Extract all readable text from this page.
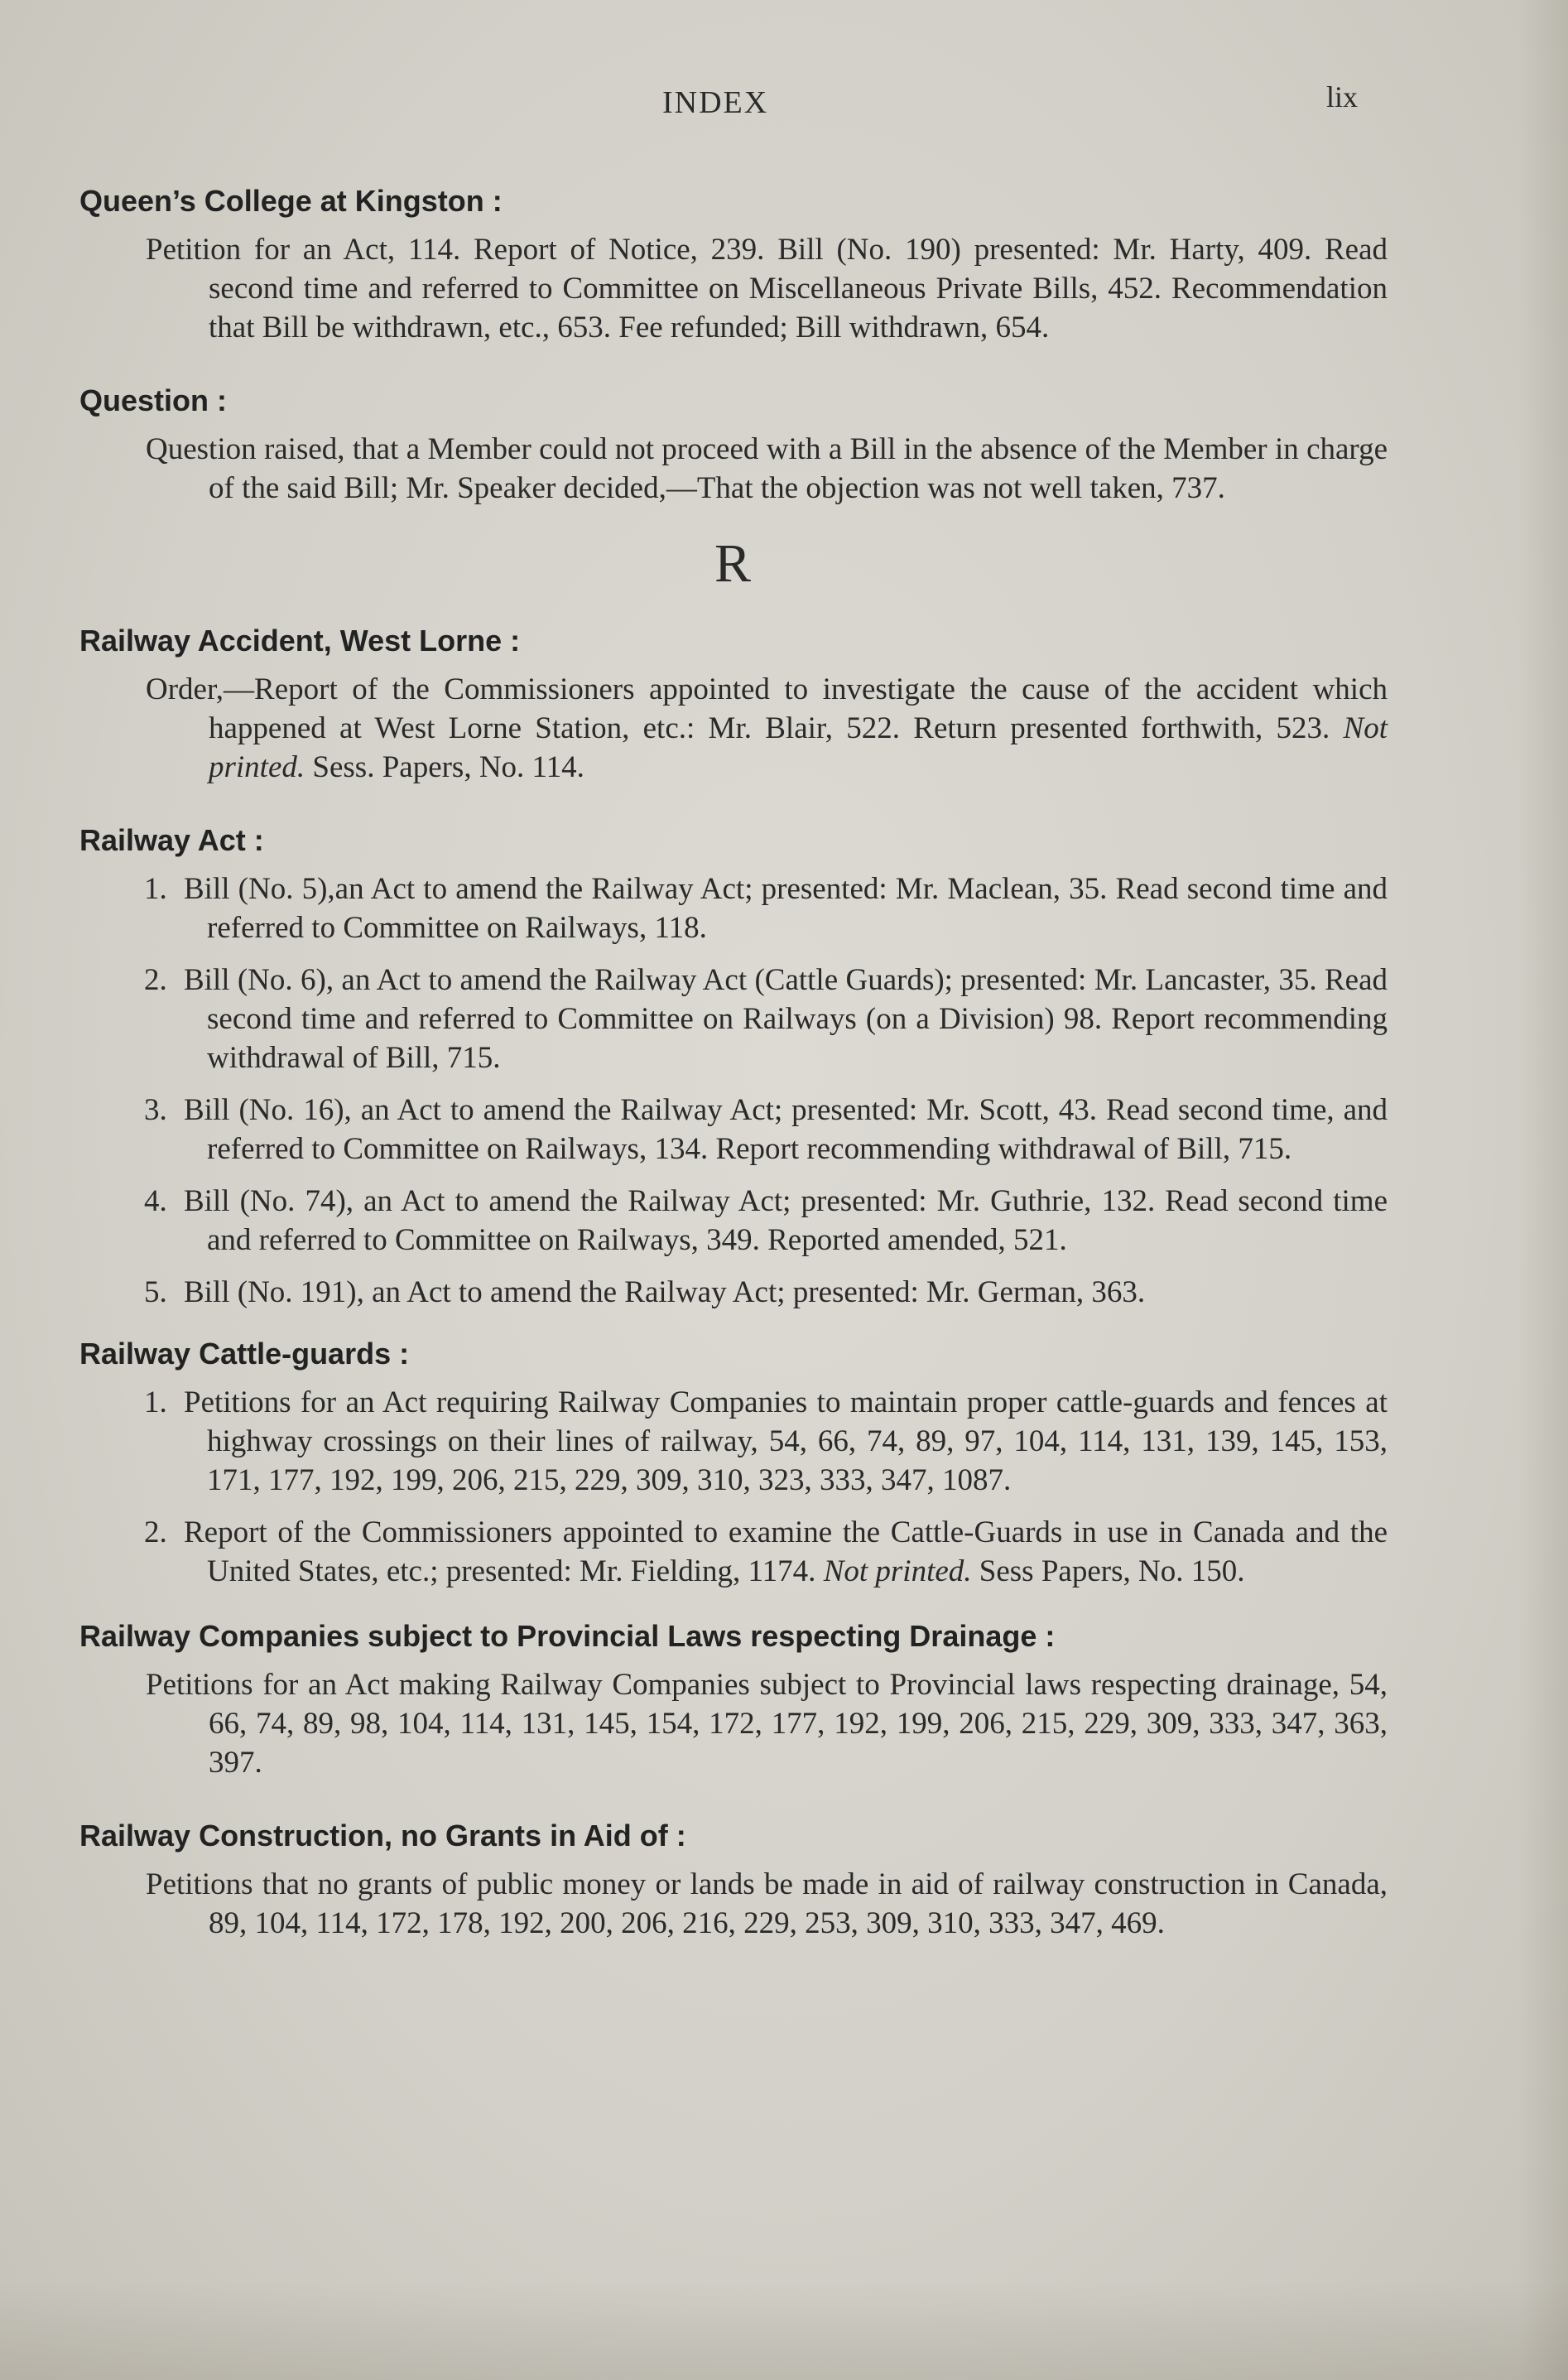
INDEX	lix
Queen’s College at Kingston :

Petition for an Act, 114. Report of Notice, 239. Bill (No. 190) presented: Mr. Harty, 409. Read second time and referred to Committee on Miscellaneous Private Bills, 452. Recommendation that Bill be withdrawn, etc., 653. Fee refunded; Bill withdrawn, 654.

Question :

Question raised, that a Member could not proceed with a Bill in the absence of the Member in charge of the said Bill; Mr. Speaker decided,—That the objection was not well taken, 737.

R
Railway Accident, West Lorne :

Order,—Report of the Commissioners appointed to investigate the cause of the accident which happened at West Lorne Station, etc.: Mr. Blair, 522. Return presented forthwith, 523. Not printed. Sess. Papers, No. 114.

Railway Act :

1. Bill (No. 5),an Act to amend the Railway Act; presented: Mr. Maclean, 35. Read second time and referred to Committee on Railways, 118.

2. Bill (No. 6), an Act to amend the Railway Act (Cattle Guards); presented: Mr. Lancaster, 35. Read second time and referred to Committee on Railways (on a Division) 98. Report recommending withdrawal of Bill, 715.

3. Bill (No. 16), an Act to amend the Railway Act; presented: Mr. Scott, 43. Read second time, and referred to Committee on Railways, 134. Report recommending withdrawal of Bill, 715.

4. Bill (No. 74), an Act to amend the Railway Act; presented: Mr. Guthrie, 132. Read second time and referred to Committee on Railways, 349. Reported amended, 521.

5. Bill (No. 191), an Act to amend the Railway Act; presented: Mr. German, 363.

Railway Cattle-guards :

1. Petitions for an Act requiring Railway Companies to maintain proper cattle-guards and fences at highway crossings on their lines of railway, 54, 66, 74, 89, 97, 104, 114, 131, 139, 145, 153, 171, 177, 192, 199, 206, 215, 229, 309, 310, 323, 333, 347, 1087.

2. Report of the Commissioners appointed to examine the Cattle-Guards in use in Canada and the United States, etc.; presented: Mr. Fielding, 1174. Not printed. Sess Papers, No. 150.

Railway Companies subject to Provincial Laws respecting Drainage :

Petitions for an Act making Railway Companies subject to Provincial laws respecting drainage, 54, 66, 74, 89, 98, 104, 114, 131, 145, 154, 172, 177, 192, 199, 206, 215, 229, 309, 333, 347, 363, 397.

Railway Construction, no Grants in Aid of :

Petitions that no grants of public money or lands be made in aid of railway construction in Canada, 89, 104, 114, 172, 178, 192, 200, 206, 216, 229, 253, 309, 310, 333, 347, 469.
